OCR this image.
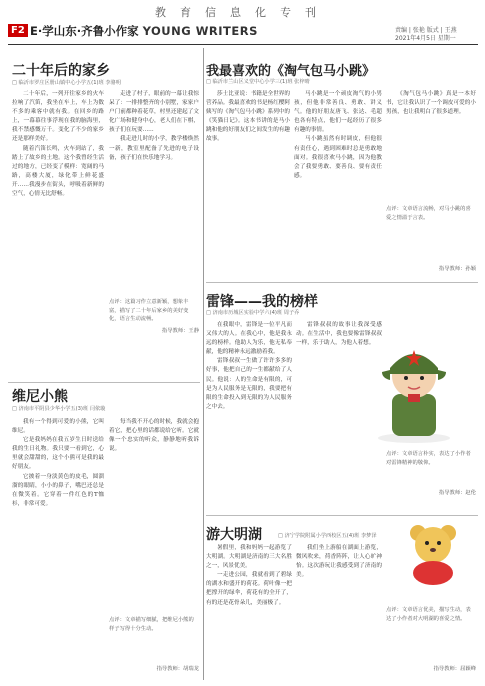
教育信息化专刊
F2 E·学山东·齐鲁小作家 YOUNG WRITERS	责编 | 张艳 版式 | 王燕
2021年4月5日 星期一
二十年后的家乡
□ 临沂市罗庄区册山镇中心小学五(1)班 李骆明

二十年后，一列开往家乡的火车拉响了汽笛，我坐在车上，车上为数不多的乘客中就有我。在回乡的路上，一幕幕往事浮现在我的脑海里，我不禁感慨万千。变化了不少的家乡还是那样美好。

随着汽笛长鸣，火车到站了，我踏上了故乡的土地。这个我曾经生活过的地方，已经变了模样：宽阔的马路，高楼大厦，绿化带上鲜花盛开……我漫步在街头，呼吸着新鲜的空气，心情无比舒畅。

走进了村子，眼前的一幕让我惊呆了：一排排整齐的小别墅，家家户户门前都种着花草，村里还建起了文化广场和健身中心，老人们在下棋，孩子们在玩耍……

我走进儿时的小学，教学楼焕然一新，教室里配备了先进的电子设备，孩子们在快乐地学习。

点评：这篇习作立意新颖，想象丰富，描写了二十年后家乡的美好变化，语言生动流畅。
指导教师：王静
维尼小熊
□ 济南市平阴县少华小学五(3)班 闫依璇

我有一个得到可爱的小熊，它叫维尼。

它是我妈妈在我五岁生日时送给我的生日礼物。我只要一看到它，心里就会甜甜的，这个小熊可是我的最好朋友。

它披着一身淡黄色的皮毛，圆溜溜的眼睛，小小的鼻子，嘴巴还总是在微笑着。它穿着一件红色的T恤衫，非常可爱。

每当我不开心的时候，我就会抱着它，把心里的话都说给它听。它就像一个忠实的听众，静静地听我诉说。

点评：文章描写细腻，把维尼小熊的样子写得十分生动。
指导教师：胡瑞龙
我最喜欢的《淘气包马小跳》
□ 临沂市兰山区义堂中心小学三(1)班 张梓晴

莎士比亚说：书籍是全世界的营养品。我最喜欢的书是杨红樱阿姨写的《淘气包马小跳》系列中的《笑猫日记》。这本书讲的是马小跳和他的好朋友们之间发生的有趣故事。

马小跳是一个顽皮淘气的小男孩，但他非常善良、勇敢、讲义气。他的好朋友唐飞、张达、毛超也各有特点，他们一起经历了很多有趣的事情。

马小跳虽然有时调皮，但他很有责任心，遇到困难时总是勇敢地面对。我很喜欢马小跳，因为他教会了我要勇敢、要善良、要有责任感。

《淘气包马小跳》真是一本好书，它让我认识了一个调皮可爱的小男孩，也让我明白了很多道理。

点评：文章语言流畅，对马小跳的喜爱之情溢于言表。
指导教师：孙颖
雷锋——我的榜样
□ 济南市历城区实验中学六(4)班 周子乔

在我眼中，雷锋是一位平凡而又伟大的人。在我心中，他是我永远的榜样。他助人为乐，他无私奉献，他的精神永远激励着我。

雷锋叔叔一生做了许许多多的好事，他把自己的一生都献给了人民。他说：人的生命是有限的，可是为人民服务是无限的，我要把有限的生命投入到无限的为人民服务之中去。

雷锋叔叔的故事让我深受感动。在生活中，我也要像雷锋叔叔一样，乐于助人，为他人着想。

点评：文章语言朴实，表达了小作者对雷锋精神的敬仰。
指导教师：赵伦
游大明湖	□ 济宁学院附属小学西校区五(4)班 李梦泽

暑假里，我和妈妈一起游览了大明湖。大明湖是济南的三大名胜之一，风景优美。

一走进公园，我就看到了碧绿的湖水和盛开的荷花。荷叶像一把把撑开的绿伞，荷花有的全开了，有的还是花骨朵儿，美丽极了。

我们坐上游船在湖面上游览，微风吹来，荷香阵阵，让人心旷神怡。这次游玩让我感受到了济南的美。

点评：文章语言优美，描写生动，表达了小作者对大明湖的喜爱之情。
指导教师：屈颖峰
